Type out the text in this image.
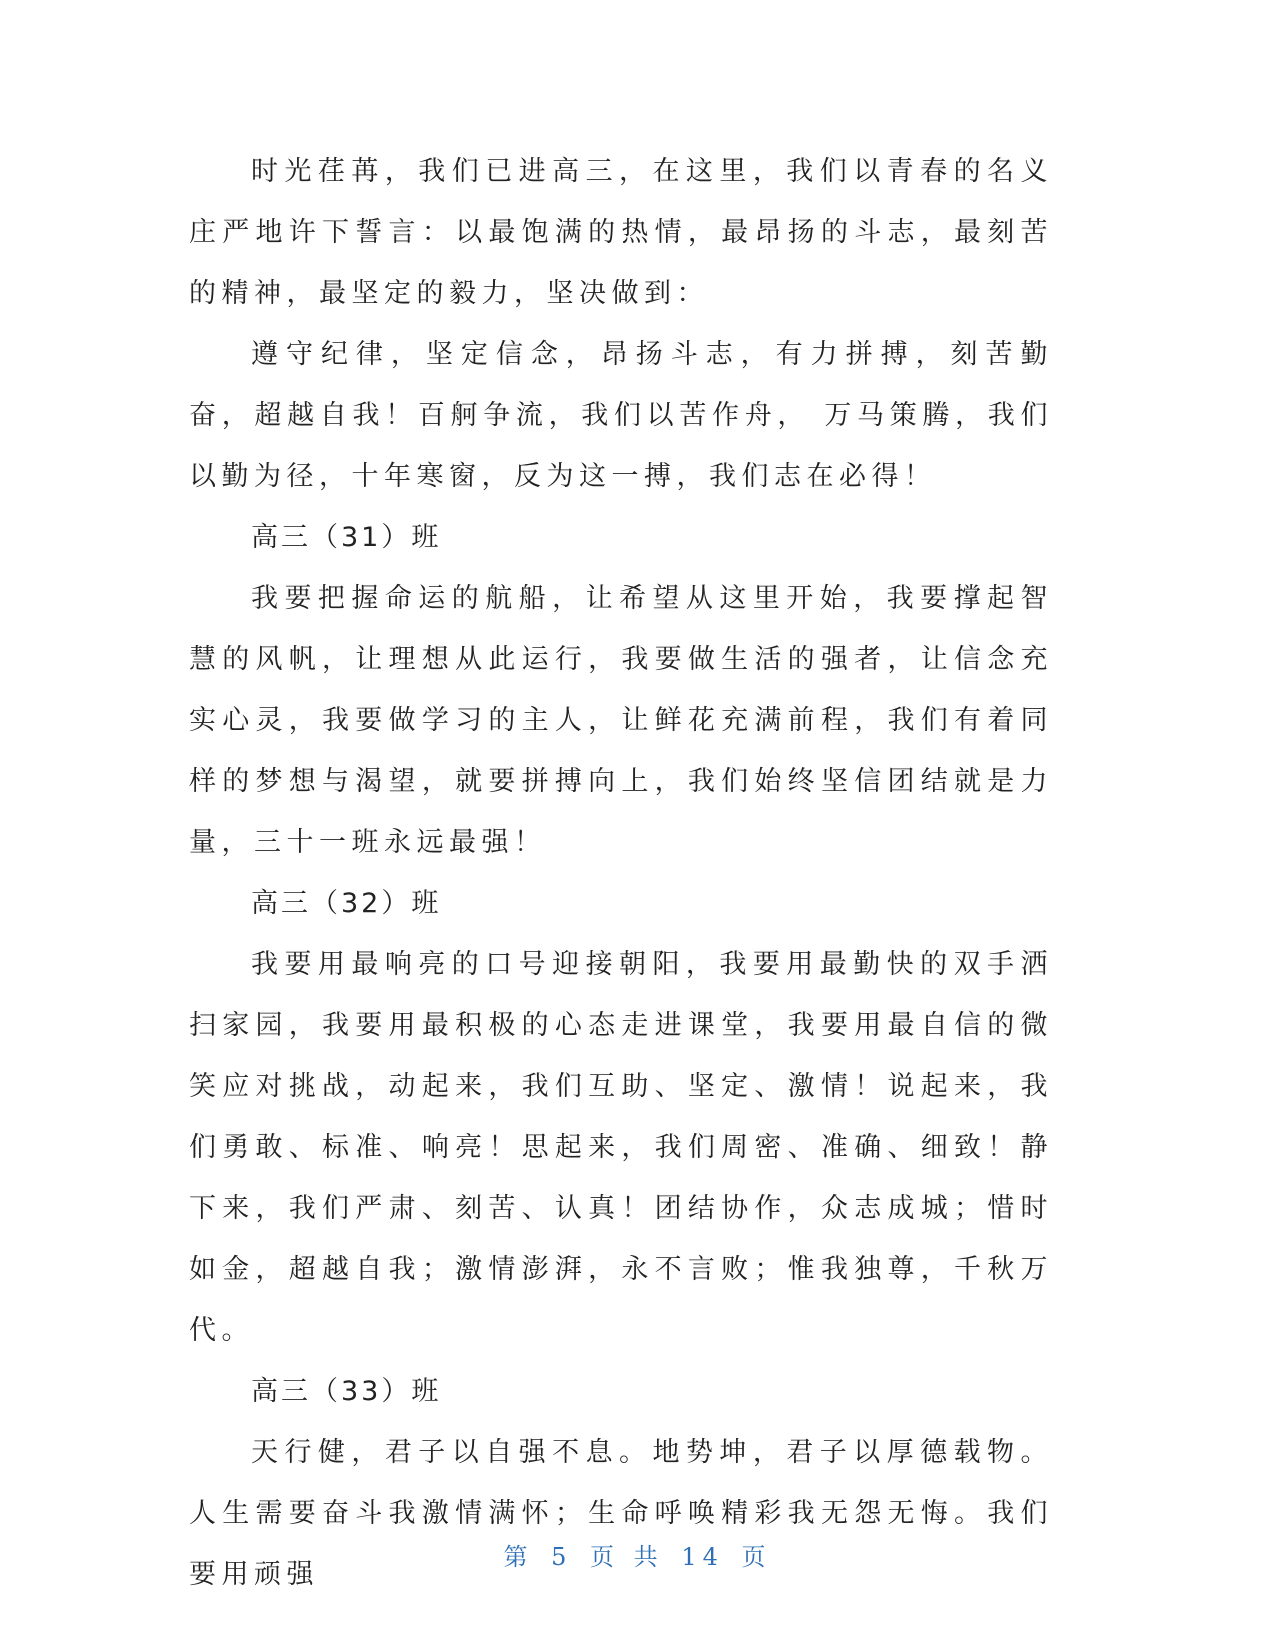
时光荏苒，我们已进高三，在这里，我们以青春的名义庄严地许下誓言：以最饱满的热情，最昂扬的斗志，最刻苦的精神，最坚定的毅力，坚决做到：

遵守纪律，坚定信念，昂扬斗志，有力拼搏，刻苦勤奋，超越自我！百舸争流，我们以苦作舟， 万马策腾，我们以勤为径，十年寒窗，反为这一搏，我们志在必得！

高三（31）班

我要把握命运的航船，让希望从这里开始，我要撑起智慧的风帆，让理想从此运行，我要做生活的强者，让信念充实心灵，我要做学习的主人，让鲜花充满前程，我们有着同样的梦想与渴望，就要拼搏向上，我们始终坚信团结就是力量，三十一班永远最强！

高三（32）班

我要用最响亮的口号迎接朝阳，我要用最勤快的双手洒扫家园，我要用最积极的心态走进课堂，我要用最自信的微笑应对挑战，动起来，我们互助、坚定、激情！说起来，我们勇敢、标准、响亮！思起来，我们周密、准确、细致！静下来，我们严肃、刻苦、认真！团结协作，众志成城；惜时如金，超越自我；激情澎湃，永不言败；惟我独尊，千秋万代。

高三（33）班

天行健，君子以自强不息。地势坤，君子以厚德载物。人生需要奋斗我激情满怀；生命呼唤精彩我无怨无悔。我们要用顽强

第 5 页 共 14 页
